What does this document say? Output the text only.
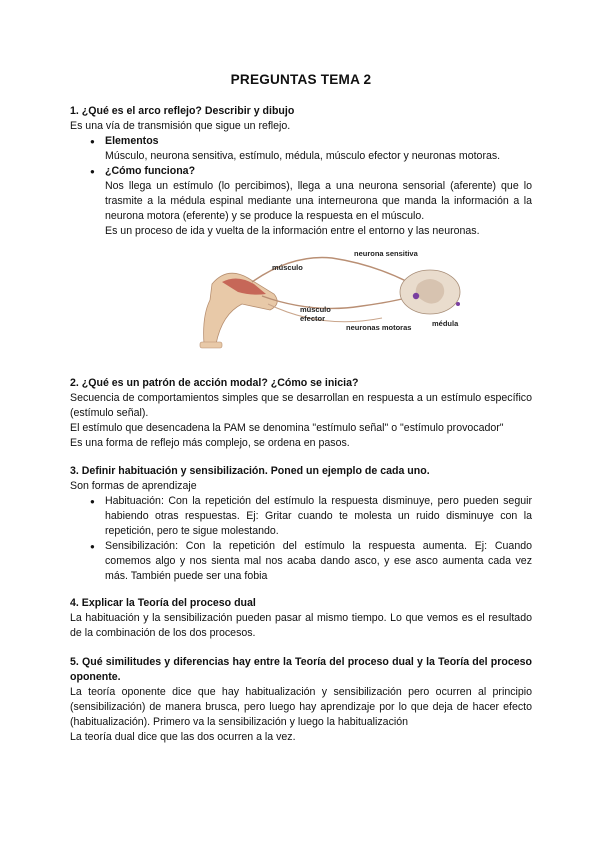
PREGUNTAS TEMA 2

1. ¿Qué es el arco reflejo? Describir y dibujo

Es una vía de transmisión que sigue un reflejo.

● Elementos
Músculo, neurona sensitiva, estímulo, médula, músculo efector y neuronas motoras.
● ¿Cómo funciona?
Nos llega un estímulo (lo percibimos), llega a una neurona sensorial (aferente) que lo trasmite a la médula espinal mediante una interneurona que manda la información a la neurona motora (eferente) y se produce la respuesta en el músculo.
Es un proceso de ida y vuelta de la información entre el entorno y las neuronas.
músculo
neurona sensitiva
músculo
efector
neuronas motoras	médula

2. ¿Qué es un patrón de acción modal? ¿Cómo se inicia?

Secuencia de comportamientos simples que se desarrollan en respuesta a un estímulo específico (estímulo señal).

El estímulo que desencadena la PAM se denomina "estímulo señal" o "estímulo provocador"

Es una forma de reflejo más complejo, se ordena en pasos.

3. Definir habituación y sensibilización. Poned un ejemplo de cada uno.

Son formas de aprendizaje

● Habituación: Con la repetición del estímulo la respuesta disminuye, pero pueden seguir habiendo otras respuestas. Ej: Gritar cuando te molesta un ruido disminuye con la repetición, pero te sigue molestando.
● Sensibilización: Con la repetición del estímulo la respuesta aumenta. Ej: Cuando comemos algo y nos sienta mal nos acaba dando asco, y ese asco aumenta cada vez más. También puede ser una fobia

4. Explicar la Teoría del proceso dual

La habituación y la sensibilización pueden pasar al mismo tiempo. Lo que vemos es el resultado de la combinación de los dos procesos.

5. Qué similitudes y diferencias hay entre la Teoría del proceso dual y la Teoría del proceso oponente.

La teoría oponente dice que hay habitualización y sensibilización pero ocurren al principio (sensibilización) de manera brusca, pero luego hay aprendizaje por lo que deja de hacer efecto (habitualización). Primero va la sensibilización y luego la habitualización

La teoría dual dice que las dos ocurren a la vez.
